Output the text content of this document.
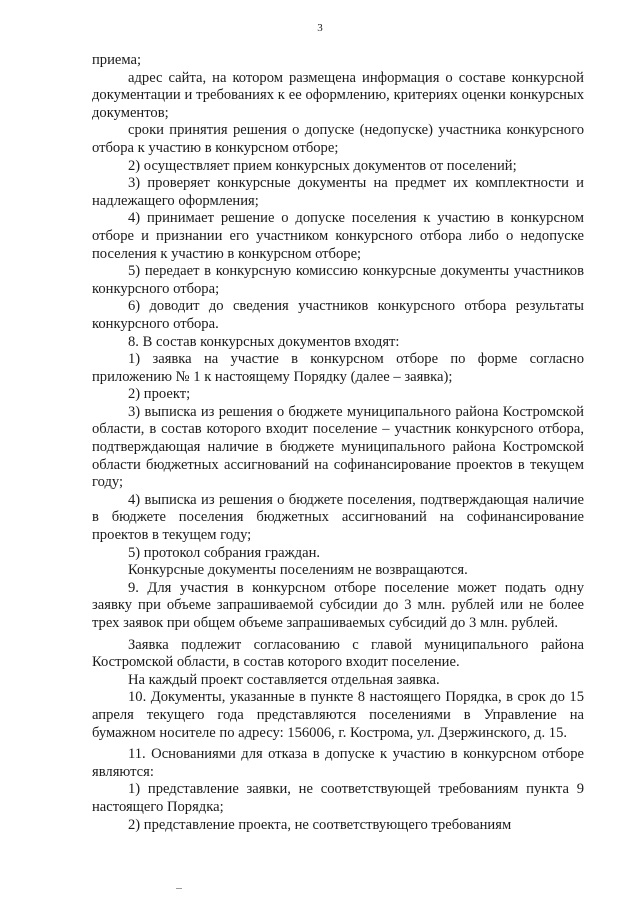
3

приема;

адрес сайта, на котором размещена информация о составе конкурсной документации и требованиях к ее оформлению, критериях оценки конкурсных документов;

сроки принятия решения о допуске (недопуске) участника конкурсного отбора к участию в конкурсном отборе;

2) осуществляет прием конкурсных документов от поселений;

3) проверяет конкурсные документы на предмет их комплектности и надлежащего оформления;

4) принимает решение о допуске поселения к участию в конкурсном отборе и признании его участником конкурсного отбора либо о недопуске поселения к участию в конкурсном отборе;

5) передает в конкурсную комиссию конкурсные документы участников конкурсного отбора;

6) доводит до сведения участников конкурсного отбора результаты конкурсного отбора.

8. В состав конкурсных документов входят:

1) заявка на участие в конкурсном отборе по форме согласно приложению № 1 к настоящему Порядку (далее – заявка);

2) проект;

3) выписка из решения о бюджете муниципального района Костромской области, в состав которого входит поселение – участник конкурсного отбора, подтверждающая наличие в бюджете муниципального района Костромской области бюджетных ассигнований на софинансирование проектов в текущем году;

4) выписка из решения о бюджете поселения, подтверждающая наличие в бюджете поселения бюджетных ассигнований на софинансирование проектов в текущем году;

5) протокол собрания граждан.

Конкурсные документы поселениям не возвращаются.

9. Для участия в конкурсном отборе поселение может подать одну заявку при объеме запрашиваемой субсидии до 3 млн. рублей или не более трех заявок при общем объеме запрашиваемых субсидий до 3 млн. рублей.

Заявка подлежит согласованию с главой муниципального района Костромской области, в состав которого входит поселение.

На каждый проект составляется отдельная заявка.

10. Документы, указанные в пункте 8 настоящего Порядка, в срок до 15 апреля текущего года представляются поселениями в Управление на бумажном носителе по адресу: 156006, г. Кострома, ул. Дзержинского, д. 15.

11. Основаниями для отказа в допуске к участию в конкурсном отборе являются:

1) представление заявки, не соответствующей требованиям пункта 9 настоящего Порядка;

2) представление проекта, не соответствующего требованиям
